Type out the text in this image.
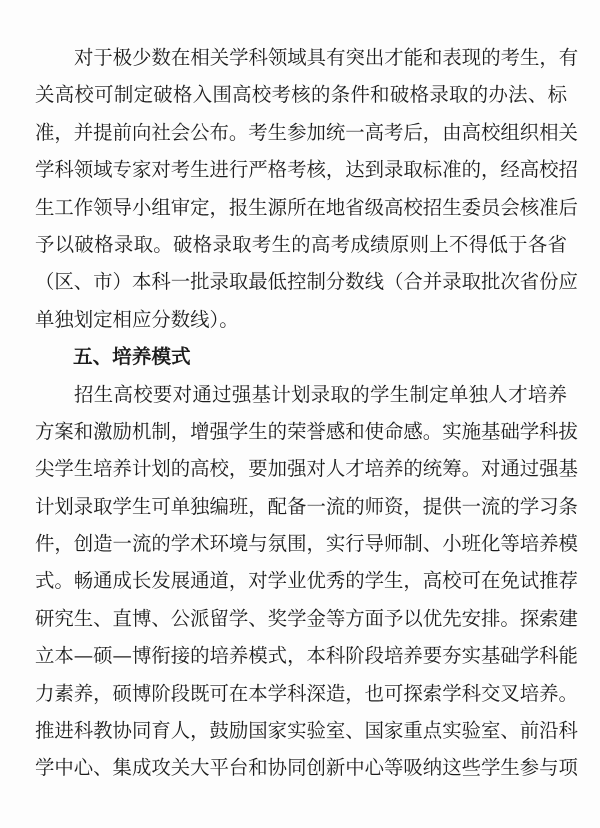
对于极少数在相关学科领域具有突出才能和表现的考生，有
关高校可制定破格入围高校考核的条件和破格录取的办法、标
准，并提前向社会公布。考生参加统一高考后，由高校组织相关
学科领域专家对考生进行严格考核，达到录取标准的，经高校招
生工作领导小组审定，报生源所在地省级高校招生委员会核准后
予以破格录取。破格录取考生的高考成绩原则上不得低于各省
（区、市）本科一批录取最低控制分数线（合并录取批次省份应
单独划定相应分数线）。
五、培养模式
招生高校要对通过强基计划录取的学生制定单独人才培养
方案和激励机制，增强学生的荣誉感和使命感。实施基础学科拔
尖学生培养计划的高校，要加强对人才培养的统筹。对通过强基
计划录取学生可单独编班，配备一流的师资，提供一流的学习条
件，创造一流的学术环境与氛围，实行导师制、小班化等培养模
式。畅通成长发展通道，对学业优秀的学生，高校可在免试推荐
研究生、直博、公派留学、奖学金等方面予以优先安排。探索建
立本—硕—博衔接的培养模式，本科阶段培养要夯实基础学科能
力素养，硕博阶段既可在本学科深造，也可探索学科交叉培养。
推进科教协同育人，鼓励国家实验室、国家重点实验室、前沿科
学中心、集成攻关大平台和协同创新中心等吸纳这些学生参与项
